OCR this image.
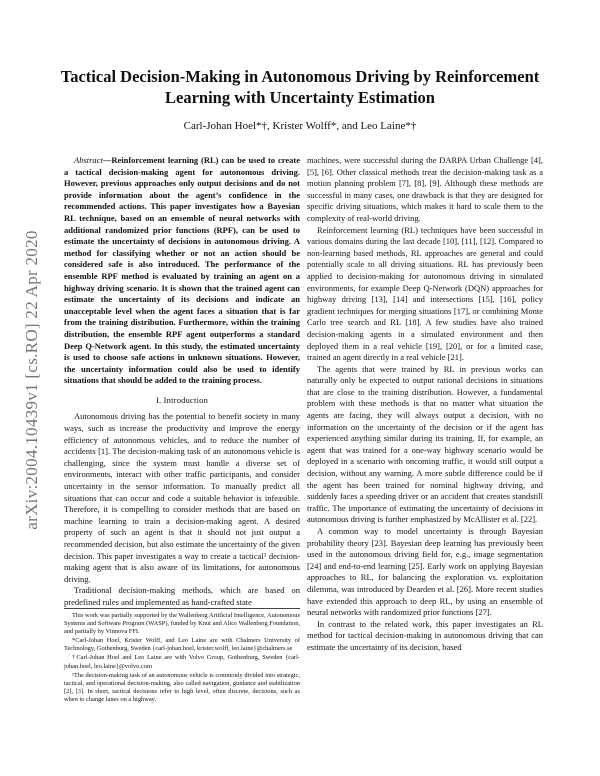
arXiv:2004.10439v1 [cs.RO] 22 Apr 2020
Tactical Decision-Making in Autonomous Driving by Reinforcement Learning with Uncertainty Estimation
Carl-Johan Hoel*†, Krister Wolff*, and Leo Laine*†

Abstract—Reinforcement learning (RL) can be used to create a tactical decision-making agent for autonomous driving. However, previous approaches only output decisions and do not provide information about the agent’s confidence in the recommended actions. This paper investigates how a Bayesian RL technique, based on an ensemble of neural networks with additional randomized prior functions (RPF), can be used to estimate the uncertainty of decisions in autonomous driving. A method for classifying whether or not an action should be considered safe is also introduced. The performance of the ensemble RPF method is evaluated by training an agent on a highway driving scenario. It is shown that the trained agent can estimate the uncertainty of its decisions and indicate an unacceptable level when the agent faces a situation that is far from the training distribution. Furthermore, within the training distribution, the ensemble RPF agent outperforms a standard Deep Q-Network agent. In this study, the estimated uncertainty is used to choose safe actions in unknown situations. However, the uncertainty information could also be used to identify situations that should be added to the training process.

I. Introduction

Autonomous driving has the potential to benefit society in many ways, such as increase the productivity and improve the energy efficiency of autonomous vehicles, and to reduce the number of accidents [1]. The decision-making task of an autonomous vehicle is challenging, since the system must handle a diverse set of environments, interact with other traffic participants, and consider uncertainty in the sensor information. To manually predict all situations that can occur and code a suitable behavior is infeasible. Therefore, it is compelling to consider methods that are based on machine learning to train a decision-making agent. A desired property of such an agent is that it should not just output a recommended decision, but also estimate the uncertainty of the given decision. This paper investigates a way to create a tactical¹ decision-making agent that is also aware of its limitations, for autonomous driving.

Traditional decision-making methods, which are based on predefined rules and implemented as hand-crafted state

This work was partially supported by the Wallenberg Artificial Intelligence, Autonomous Systems and Software Program (WASP), funded by Knut and Alice Wallenberg Foundation, and partially by Vinnova FFI.

*Carl-Johan Hoel, Krister Wolff, and Leo Laine are with Chalmers University of Technology, Gothenburg, Sweden {carl-johan.hoel, krister.wolff, leo.laine}@chalmers.se

†Carl-Johan Hoel and Leo Laine are with Volvo Group, Gothenburg, Sweden {carl-johan.hoel, leo.laine}@volvo.com

¹The decision-making task of an autonomous vehicle is commonly divided into strategic, tactical, and operational decision-making, also called navigation, guidance and stabilization [2], [3]. In short, tactical decisions refer to high level, often discrete, decisions, such as when to change lanes on a highway.

machines, were successful during the DARPA Urban Challenge [4], [5], [6]. Other classical methods treat the decision-making task as a motion planning problem [7], [8], [9]. Although these methods are successful in many cases, one drawback is that they are designed for specific driving situations, which makes it hard to scale them to the complexity of real-world driving.

Reinforcement learning (RL) techniques have been successful in various domains during the last decade [10], [11], [12]. Compared to non-learning based methods, RL approaches are general and could potentially scale to all driving situations. RL has previously been applied to decision-making for autonomous driving in simulated environments, for example Deep Q-Network (DQN) approaches for highway driving [13], [14] and intersections [15], [16], policy gradient techniques for merging situations [17], or combining Monte Carlo tree search and RL [18]. A few studies have also trained decision-making agents in a simulated environment and then deployed them in a real vehicle [19], [20], or for a limited case, trained an agent directly in a real vehicle [21].

The agents that were trained by RL in previous works can naturally only be expected to output rational decisions in situations that are close to the training distribution. However, a fundamental problem with these methods is that no matter what situation the agents are facing, they will always output a decision, with no information on the uncertainty of the decision or if the agent has experienced anything similar during its training. If, for example, an agent that was trained for a one-way highway scenario would be deployed in a scenario with oncoming traffic, it would still output a decision, without any warning. A more subtle difference could be if the agent has been trained for nominal highway driving, and suddenly faces a speeding driver or an accident that creates standstill traffic. The importance of estimating the uncertainty of decisions in autonomous driving is further emphasized by McAllister et al. [22].

A common way to model uncertainty is through Bayesian probability theory [23]. Bayesian deep learning has previously been used in the autonomous driving field for, e.g., image segmentation [24] and end-to-end learning [25]. Early work on applying Bayesian approaches to RL, for balancing the exploration vs. exploitation dilemma, was introduced by Dearden et al. [26]. More recent studies have extended this approach to deep RL, by using an ensemble of neural networks with randomized prior functions [27].

In contrast to the related work, this paper investigates an RL method for tactical decision-making in autonomous driving that can estimate the uncertainty of its decision, based
